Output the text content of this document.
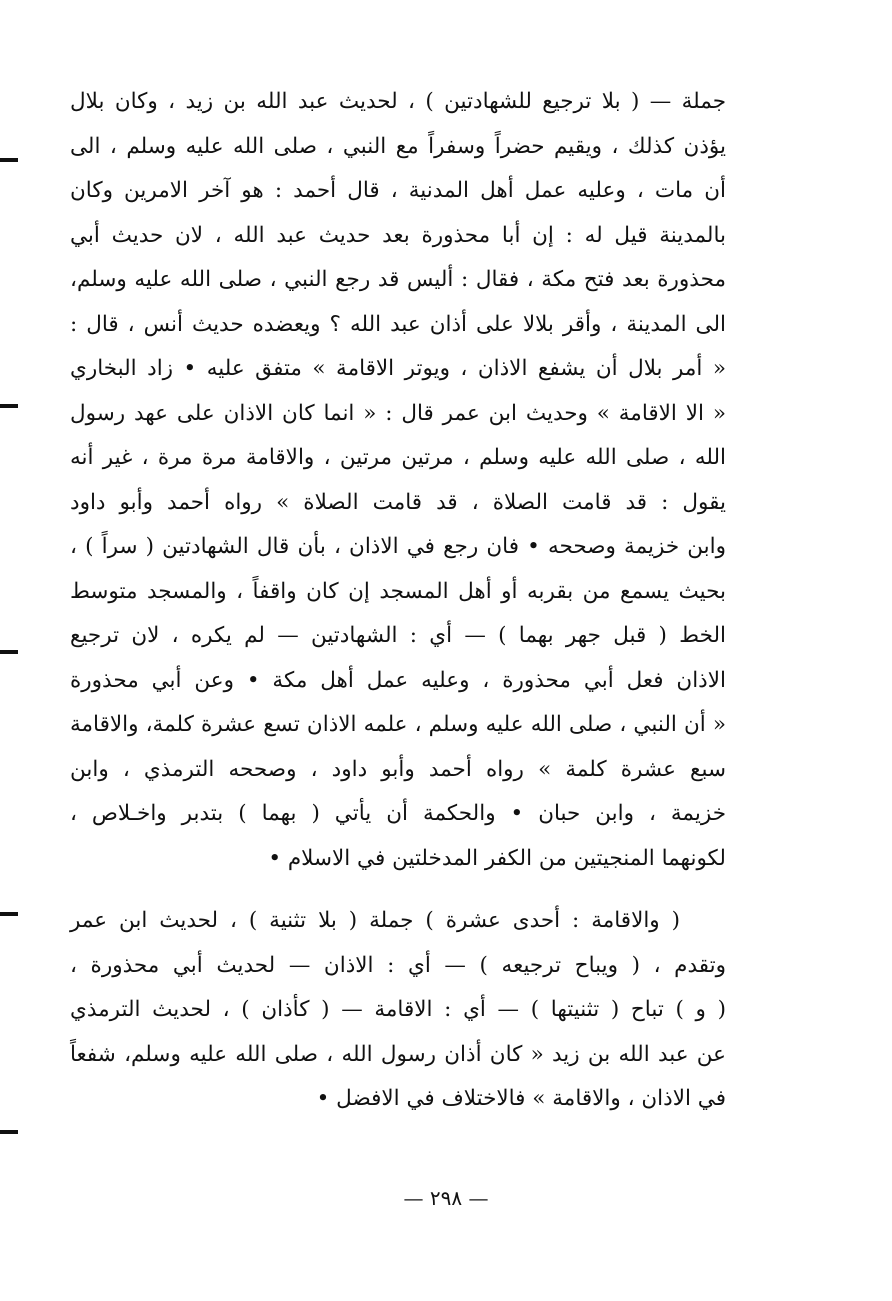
جملة — ( بلا ترجيع للشهادتين ) ، لحديث عبد الله بن زيد ، وكان بلال
يؤذن كذلك ، ويقيم حضراً وسفراً مع النبي ، صلى الله عليه وسلم ، الى
أن مات ، وعليه عمل أهل المدنية ، قال أحمد : هو آخر الامرين وكان
بالمدينة قيل له : إن أبا محذورة بعد حديث عبد الله ، لان حديث أبي
محذورة بعد فتح مكة ، فقال : أليس قد رجع النبي ، صلى الله عليه وسلم،
الى المدينة ، وأقر بلالا على أذان عبد الله ؟ ويعضده حديث أنس ، قال :
« أمر بلال أن يشفع الاذان ، ويوتر الاقامة » متفق عليه • زاد البخاري
« الا الاقامة » وحديث ابن عمر قال : « انما كان الاذان على عهد رسول
الله ، صلى الله عليه وسلم ، مرتين مرتين ، والاقامة مرة مرة ، غير أنه
يقول : قد قامت الصلاة ، قد قامت الصلاة » رواه أحمد وأبو داود
وابن خزيمة وصححه • فان رجع في الاذان ، بأن قال الشهادتين ( سراً ) ،
بحيث يسمع من بقربه أو أهل المسجد إن كان واقفاً ، والمسجد متوسط
الخط ( قبل جهر بهما ) — أي : الشهادتين — لم يكره ، لان ترجيع
الاذان فعل أبي محذورة ، وعليه عمل أهل مكة • وعن أبي محذورة
« أن النبي ، صلى الله عليه وسلم ، علمه الاذان تسع عشرة كلمة، والاقامة
سبع عشرة كلمة » رواه أحمد وأبو داود ، وصححه الترمذي ، وابن
خزيمة ، وابن حبان • والحكمة أن يأتي ( بهما ) بتدبر واخـلاص ،
لكونهما المنجيتين من الكفر المدخلتين في الاسلام •
( والاقامة : أحدى عشرة ) جملة ( بلا تثنية ) ، لحديث ابن عمر
وتقدم ، ( ويباح ترجيعه ) — أي : الاذان — لحديث أبي محذورة ،
( و ) تباح ( تثنيتها ) — أي : الاقامة — ( كأذان ) ، لحديث الترمذي
عن عبد الله بن زيد « كان أذان رسول الله ، صلى الله عليه وسلم، شفعاً
في الاذان ، والاقامة » فالاختلاف في الافضل •
— ٢٩٨ —
